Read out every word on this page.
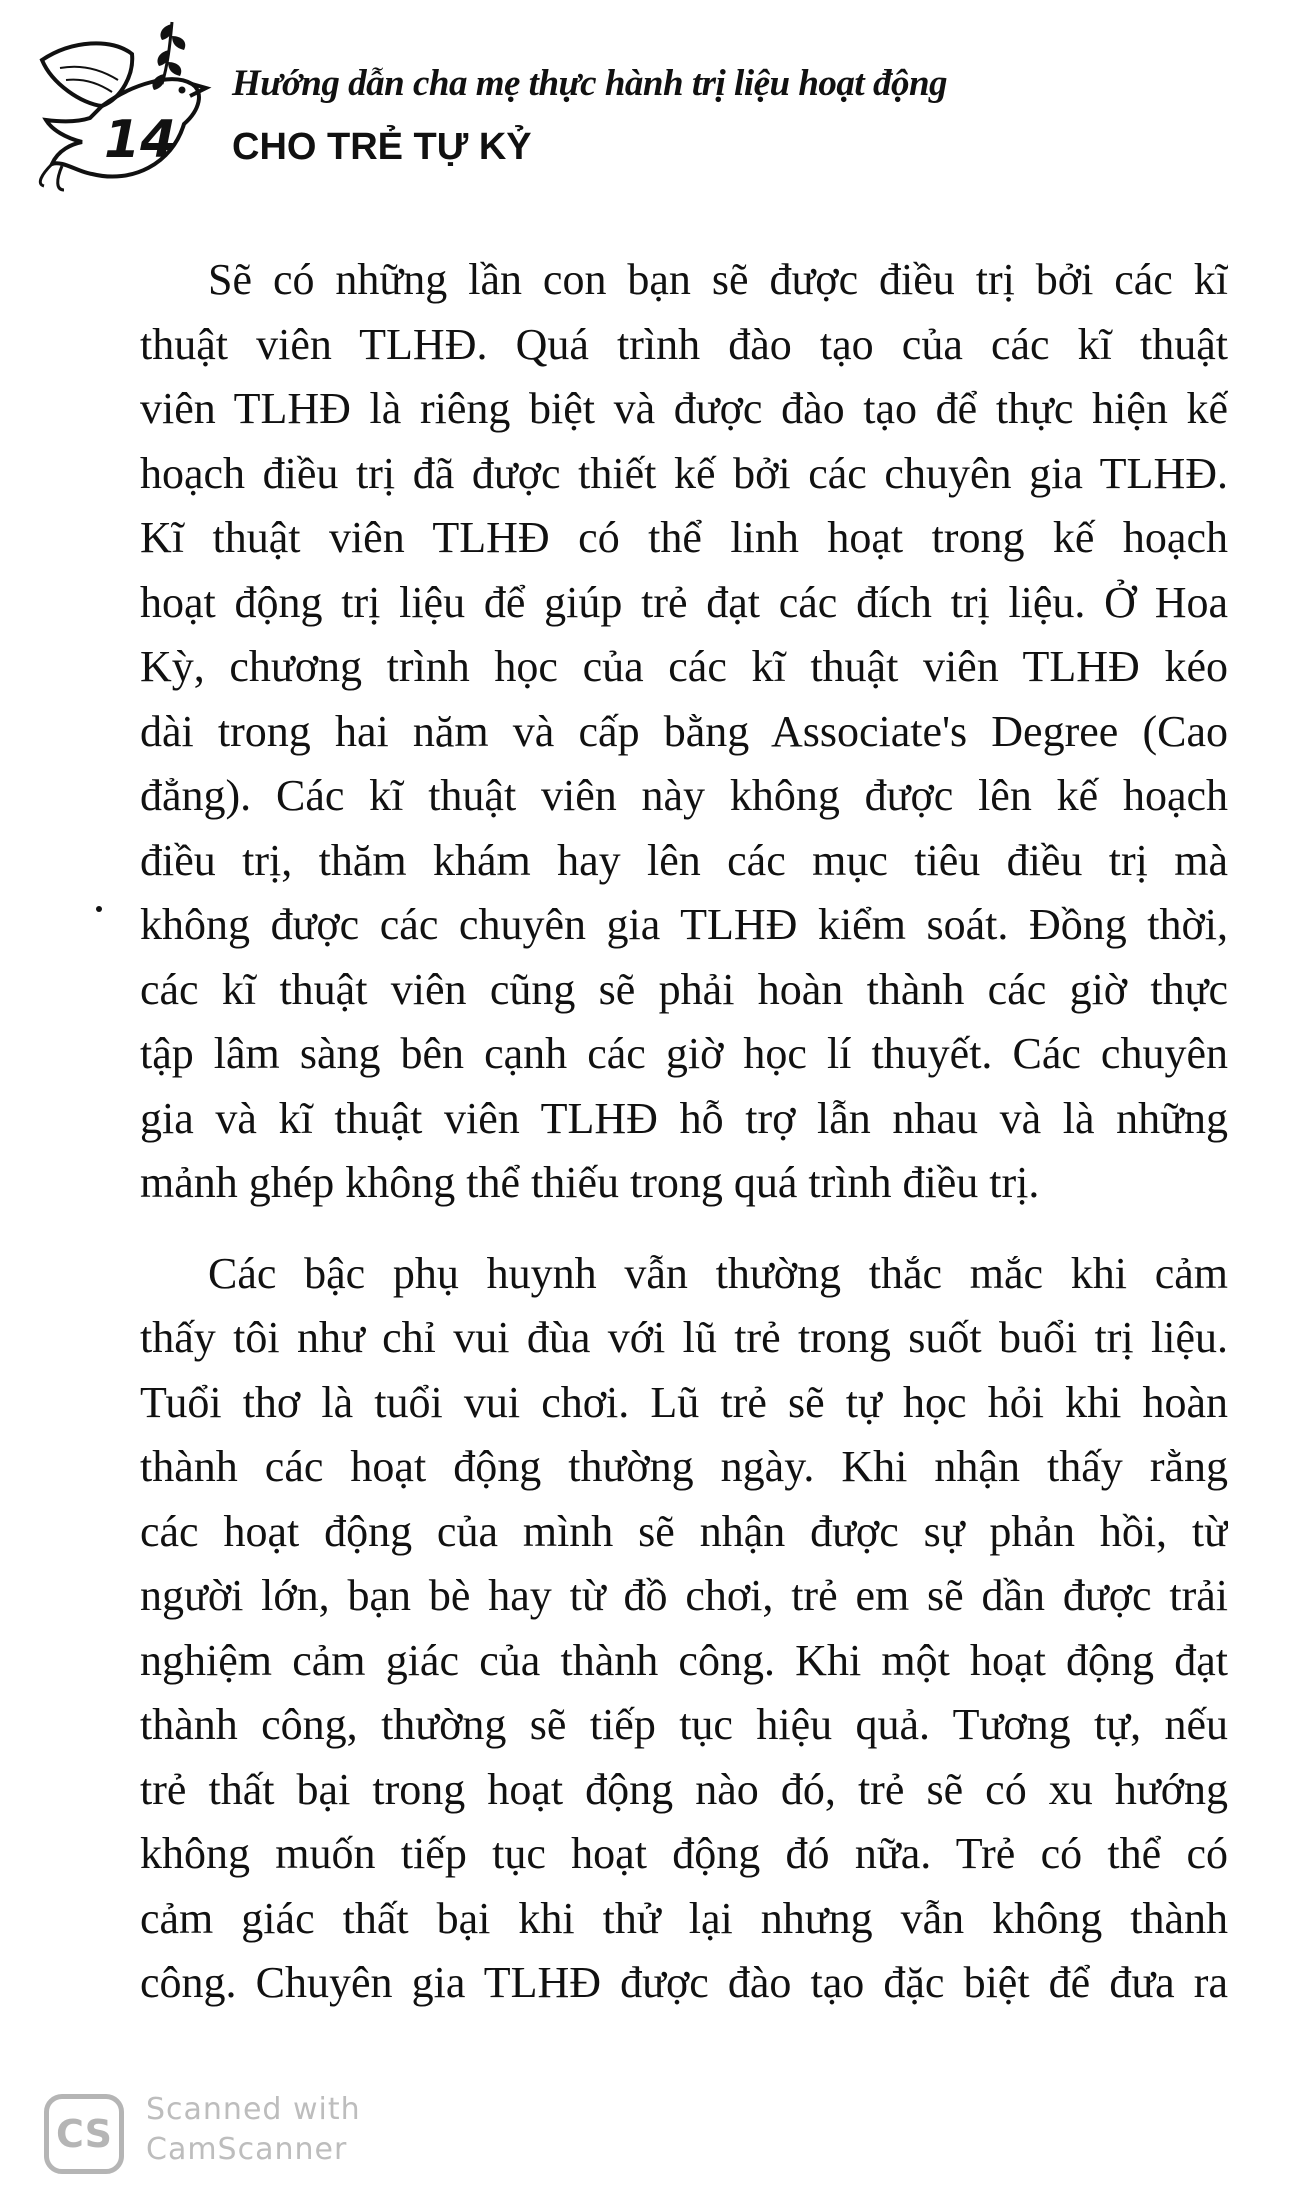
14
Hướng dẫn cha mẹ thực hành trị liệu hoạt động
CHO TRẺ TỰ KỶ
Sẽ có những lần con bạn sẽ được điều trị bởi các kĩ
thuật viên TLHĐ. Quá trình đào tạo của các kĩ thuật
viên TLHĐ là riêng biệt và được đào tạo để thực hiện kế
hoạch điều trị đã được thiết kế bởi các chuyên gia TLHĐ.
Kĩ thuật viên TLHĐ có thể linh hoạt trong kế hoạch
hoạt động trị liệu để giúp trẻ đạt các đích trị liệu. Ở Hoa
Kỳ, chương trình học của các kĩ thuật viên TLHĐ kéo
dài trong hai năm và cấp bằng Associate's Degree (Cao
đẳng). Các kĩ thuật viên này không được lên kế hoạch
điều trị, thăm khám hay lên các mục tiêu điều trị mà
không được các chuyên gia TLHĐ kiểm soát. Đồng thời,
các kĩ thuật viên cũng sẽ phải hoàn thành các giờ thực
tập lâm sàng bên cạnh các giờ học lí thuyết. Các chuyên
gia và kĩ thuật viên TLHĐ hỗ trợ lẫn nhau và là những
mảnh ghép không thể thiếu trong quá trình điều trị.
Các bậc phụ huynh vẫn thường thắc mắc khi cảm
thấy tôi như chỉ vui đùa với lũ trẻ trong suốt buổi trị liệu.
Tuổi thơ là tuổi vui chơi. Lũ trẻ sẽ tự học hỏi khi hoàn
thành các hoạt động thường ngày. Khi nhận thấy rằng
các hoạt động của mình sẽ nhận được sự phản hồi, từ
người lớn, bạn bè hay từ đồ chơi, trẻ em sẽ dần được trải
nghiệm cảm giác của thành công. Khi một hoạt động đạt
thành công, thường sẽ tiếp tục hiệu quả. Tương tự, nếu
trẻ thất bại trong hoạt động nào đó, trẻ sẽ có xu hướng
không muốn tiếp tục hoạt động đó nữa. Trẻ có thể có
cảm giác thất bại khi thử lại nhưng vẫn không thành
công. Chuyên gia TLHĐ được đào tạo đặc biệt để đưa ra
CS
Scanned with
CamScanner
